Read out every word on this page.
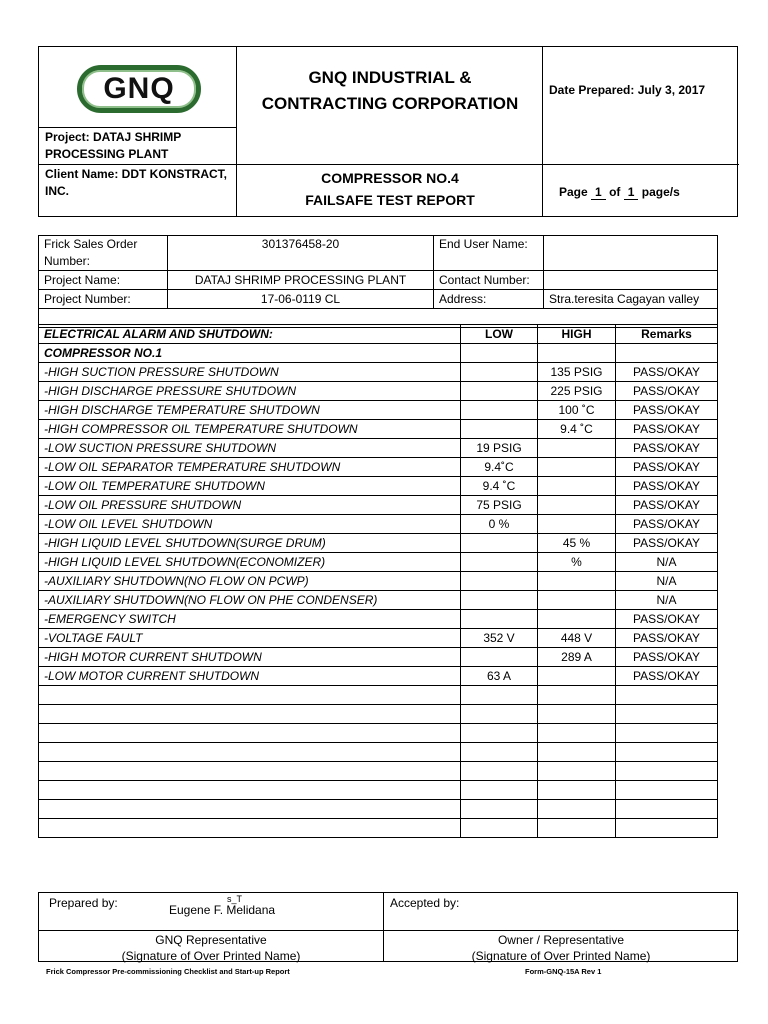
GNQ	GNQ INDUSTRIAL &
CONTRACTING CORPORATION
Date Prepared: July 3, 2017
Project: DATAJ SHRIMP PROCESSING PLANT
Client Name: DDT KONSTRACT, INC.
COMPRESSOR NO.4
FAILSAFE TEST REPORT	Page 1 of 1 page/s
Frick Sales Order Number:	301376458-20	End User Name:	
Project Name:	DATAJ SHRIMP PROCESSING PLANT	Contact Number:	
Project Number:	17-06-0119 CL	Address:	Stra.teresita Cagayan valley

ELECTRICAL ALARM AND SHUTDOWN:	LOW	HIGH	Remarks
COMPRESSOR NO.1			
-HIGH SUCTION PRESSURE SHUTDOWN		135 PSIG	PASS/OKAY
-HIGH DISCHARGE PRESSURE SHUTDOWN		225 PSIG	PASS/OKAY
-HIGH DISCHARGE TEMPERATURE SHUTDOWN		100 ˚C	PASS/OKAY
-HIGH COMPRESSOR OIL TEMPERATURE SHUTDOWN		9.4 ˚C	PASS/OKAY
-LOW SUCTION PRESSURE SHUTDOWN	19 PSIG		PASS/OKAY
-LOW OIL SEPARATOR TEMPERATURE SHUTDOWN	9.4˚C		PASS/OKAY
-LOW OIL TEMPERATURE SHUTDOWN	9.4 ˚C		PASS/OKAY
-LOW OIL PRESSURE SHUTDOWN	75 PSIG		PASS/OKAY
-LOW OIL LEVEL SHUTDOWN	0 %		PASS/OKAY
-HIGH LIQUID LEVEL SHUTDOWN(SURGE DRUM)		45 %	PASS/OKAY
-HIGH LIQUID LEVEL SHUTDOWN(ECONOMIZER)		%	N/A
-AUXILIARY SHUTDOWN(NO FLOW ON PCWP)			N/A
-AUXILIARY SHUTDOWN(NO FLOW ON PHE CONDENSER)			N/A
-EMERGENCY SWITCH			PASS/OKAY
-VOLTAGE FAULT	352 V	448 V	PASS/OKAY
-HIGH MOTOR CURRENT SHUTDOWN		289 A	PASS/OKAY
-LOW MOTOR CURRENT SHUTDOWN	63 A		PASS/OKAY

Prepared by:	Eugene F. Melidana
s_T	Accepted by:
GNQ Representative
(Signature of Over Printed Name)
Owner / Representative
(Signature of Over Printed Name)
Frick Compressor Pre-commissioning Checklist and Start-up Report	Form-GNQ-15A Rev 1
